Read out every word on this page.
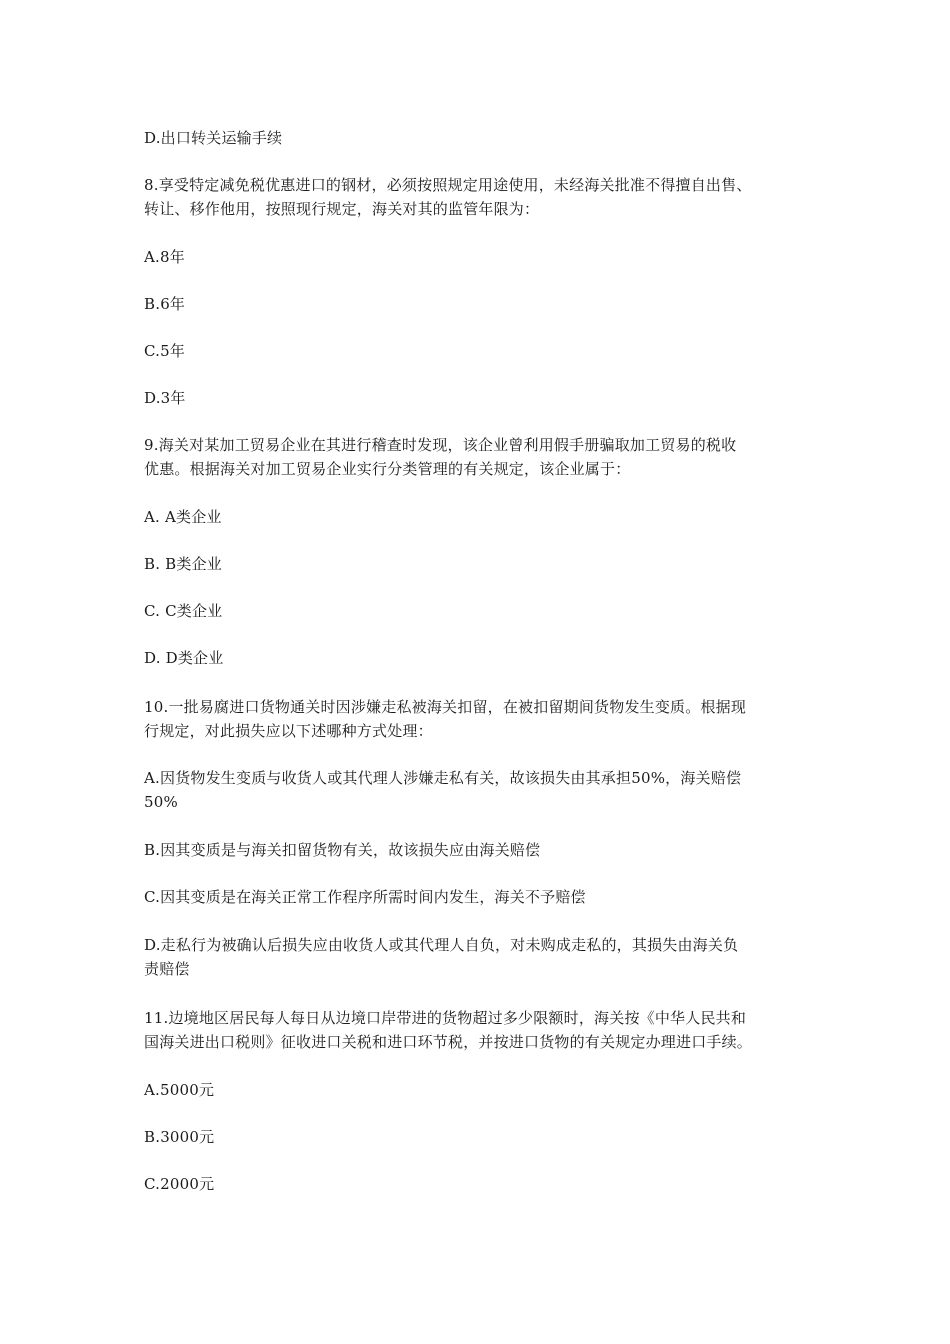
D.出口转关运输手续
8.享受特定减免税优惠进口的钢材，必须按照规定用途使用，未经海关批准不得擅自出售、
转让、移作他用，按照现行规定，海关对其的监管年限为：
A.8年
B.6年
C.5年
D.3年
9.海关对某加工贸易企业在其进行稽查时发现，该企业曾利用假手册骗取加工贸易的税收
优惠。根据海关对加工贸易企业实行分类管理的有关规定，该企业属于：
A. A类企业
B. B类企业
C. C类企业
D. D类企业
10.一批易腐进口货物通关时因涉嫌走私被海关扣留，在被扣留期间货物发生变质。根据现
行规定，对此损失应以下述哪种方式处理：
A.因货物发生变质与收货人或其代理人涉嫌走私有关，故该损失由其承担50%，海关赔偿
50%
B.因其变质是与海关扣留货物有关，故该损失应由海关赔偿
C.因其变质是在海关正常工作程序所需时间内发生，海关不予赔偿
D.走私行为被确认后损失应由收货人或其代理人自负，对未购成走私的，其损失由海关负
责赔偿
11.边境地区居民每人每日从边境口岸带进的货物超过多少限额时，海关按《中华人民共和
国海关进出口税则》征收进口关税和进口环节税，并按进口货物的有关规定办理进口手续。
A.5000元
B.3000元
C.2000元
